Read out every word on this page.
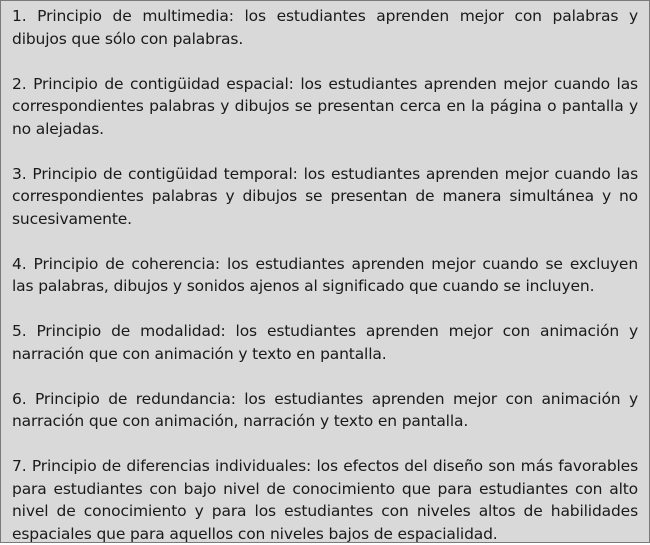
1. Principio de multimedia: los estudiantes aprenden mejor con palabras y dibujos que sólo con palabras.

2. Principio de contigüidad espacial: los estudiantes aprenden mejor cuando las correspondientes palabras y dibujos se presentan cerca en la página o pantalla y no alejadas.

3. Principio de contigüidad temporal: los estudiantes aprenden mejor cuando las correspondientes palabras y dibujos se presentan de manera simultánea y no sucesivamente.

4. Principio de coherencia: los estudiantes aprenden mejor cuando se excluyen las palabras, dibujos y sonidos ajenos al significado que cuando se incluyen.

5. Principio de modalidad: los estudiantes aprenden mejor con animación y narración que con animación y texto en pantalla.

6. Principio de redundancia: los estudiantes aprenden mejor con animación y narración que con animación, narración y texto en pantalla.

7. Principio de diferencias individuales: los efectos del diseño son más favorables para estudiantes con bajo nivel de conocimiento que para estudiantes con alto nivel de conocimiento y para los estudiantes con niveles altos de habilidades espaciales que para aquellos con niveles bajos de espacialidad.
